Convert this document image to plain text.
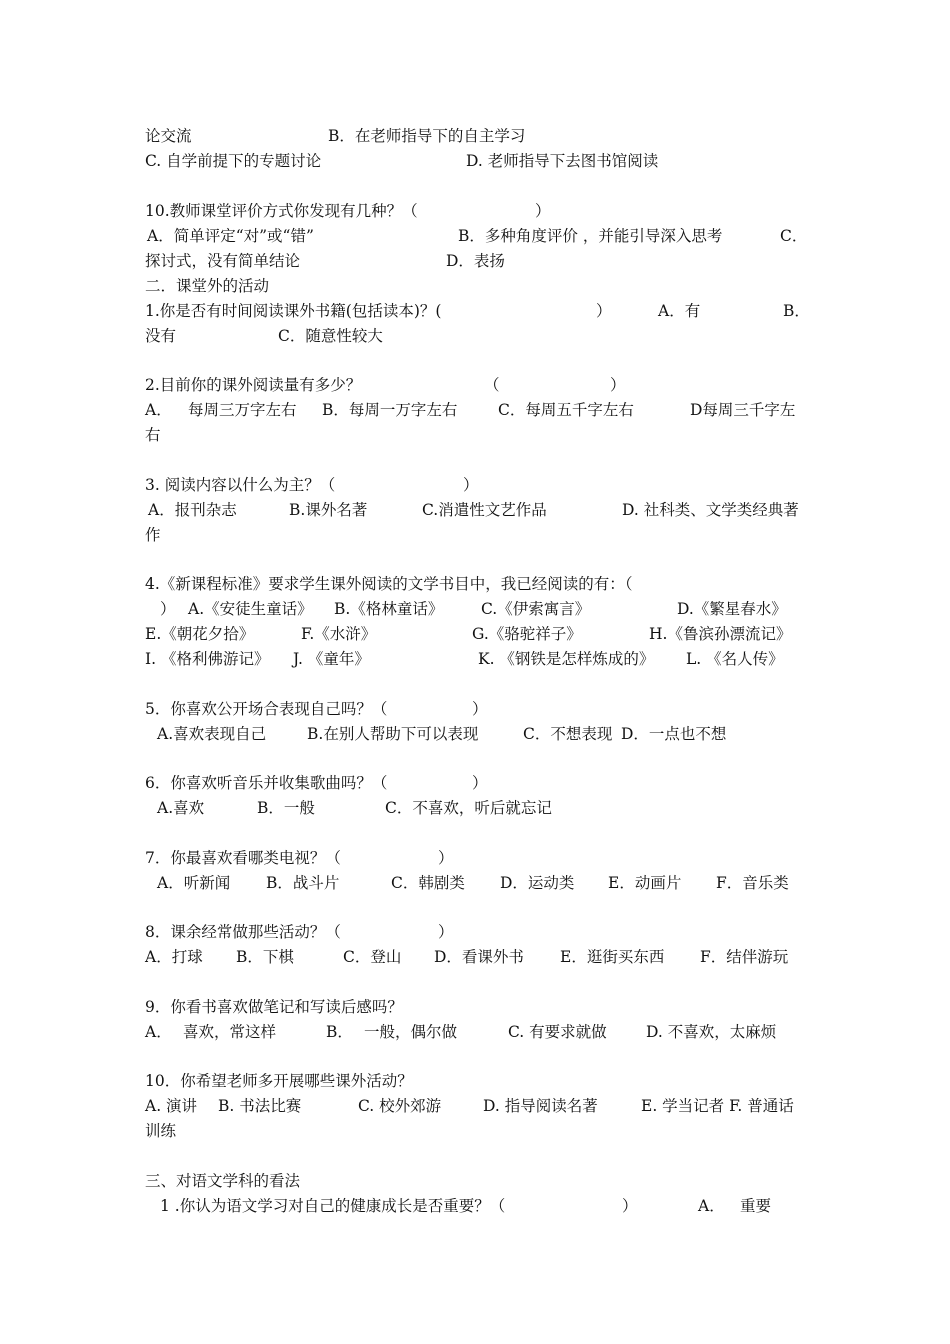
论交流	B．在老师指导下的自主学习
C. 自学前提下的专题讨论	D. 老师指导下去图书馆阅读
10.教师课堂评价方式你发现有几种？（	）
A．简单评定“对”或“错”	B．多种角度评价 ，并能引导深入思考	C．
探讨式，没有简单结论	D．表扬
二．课堂外的活动
1.你是否有时间阅读课外书籍(包括读本)？(	）	A．有	B．
没有	C．随意性较大
2.目前你的课外阅读量有多少？	（	）
A． 每周三万字左右 B．每周一万字左右	C．每周五千字左右	D每周三千字左
右
3. 阅读内容以什么为主？（	）
A．报刊杂志	B.课外名著	C.消遣性文艺作品	D. 社科类、文学类经典著
作
4.《新课程标准》要求学生课外阅读的文学书目中，我已经阅读的有：（
） A.《安徒生童话》 B.《格林童话》 C.《伊索寓言》	D.《繁星春水》
E.《朝花夕拾》	F.《水浒》	G.《骆驼祥子》	H.《鲁滨孙漂流记》
I. 《格利佛游记》 J. 《童年》	K. 《钢铁是怎样炼成的》 L. 《名人传》
5．你喜欢公开场合表现自己吗？（	）
A.喜欢表现自己	B.在别人帮助下可以表现	C．不想表现 D．一点也不想
6．你喜欢听音乐并收集歌曲吗？（	）
A.喜欢	B．一般	C．不喜欢，听后就忘记
7．你最喜欢看哪类电视？（	）
A．听新闻 B．战斗片	C．韩剧类 D．运动类 E．动画片 F．音乐类
8．课余经常做那些活动？（	）
A．打球 B．下棋	C．登山 D．看课外书 E．逛街买东西 F．结伴游玩
9．你看书喜欢做笔记和写读后感吗？
A． 喜欢，常这样	B． 一般，偶尔做	C. 有要求就做	D. 不喜欢，太麻烦
10．你希望老师多开展哪些课外活动？
A. 演讲 B. 书法比赛	C. 校外郊游	D. 指导阅读名著	E. 学当记者 F. 普通话
训练
三、对语文学科的看法
1 .你认为语文学习对自己的健康成长是否重要？（	）	A． 重要
